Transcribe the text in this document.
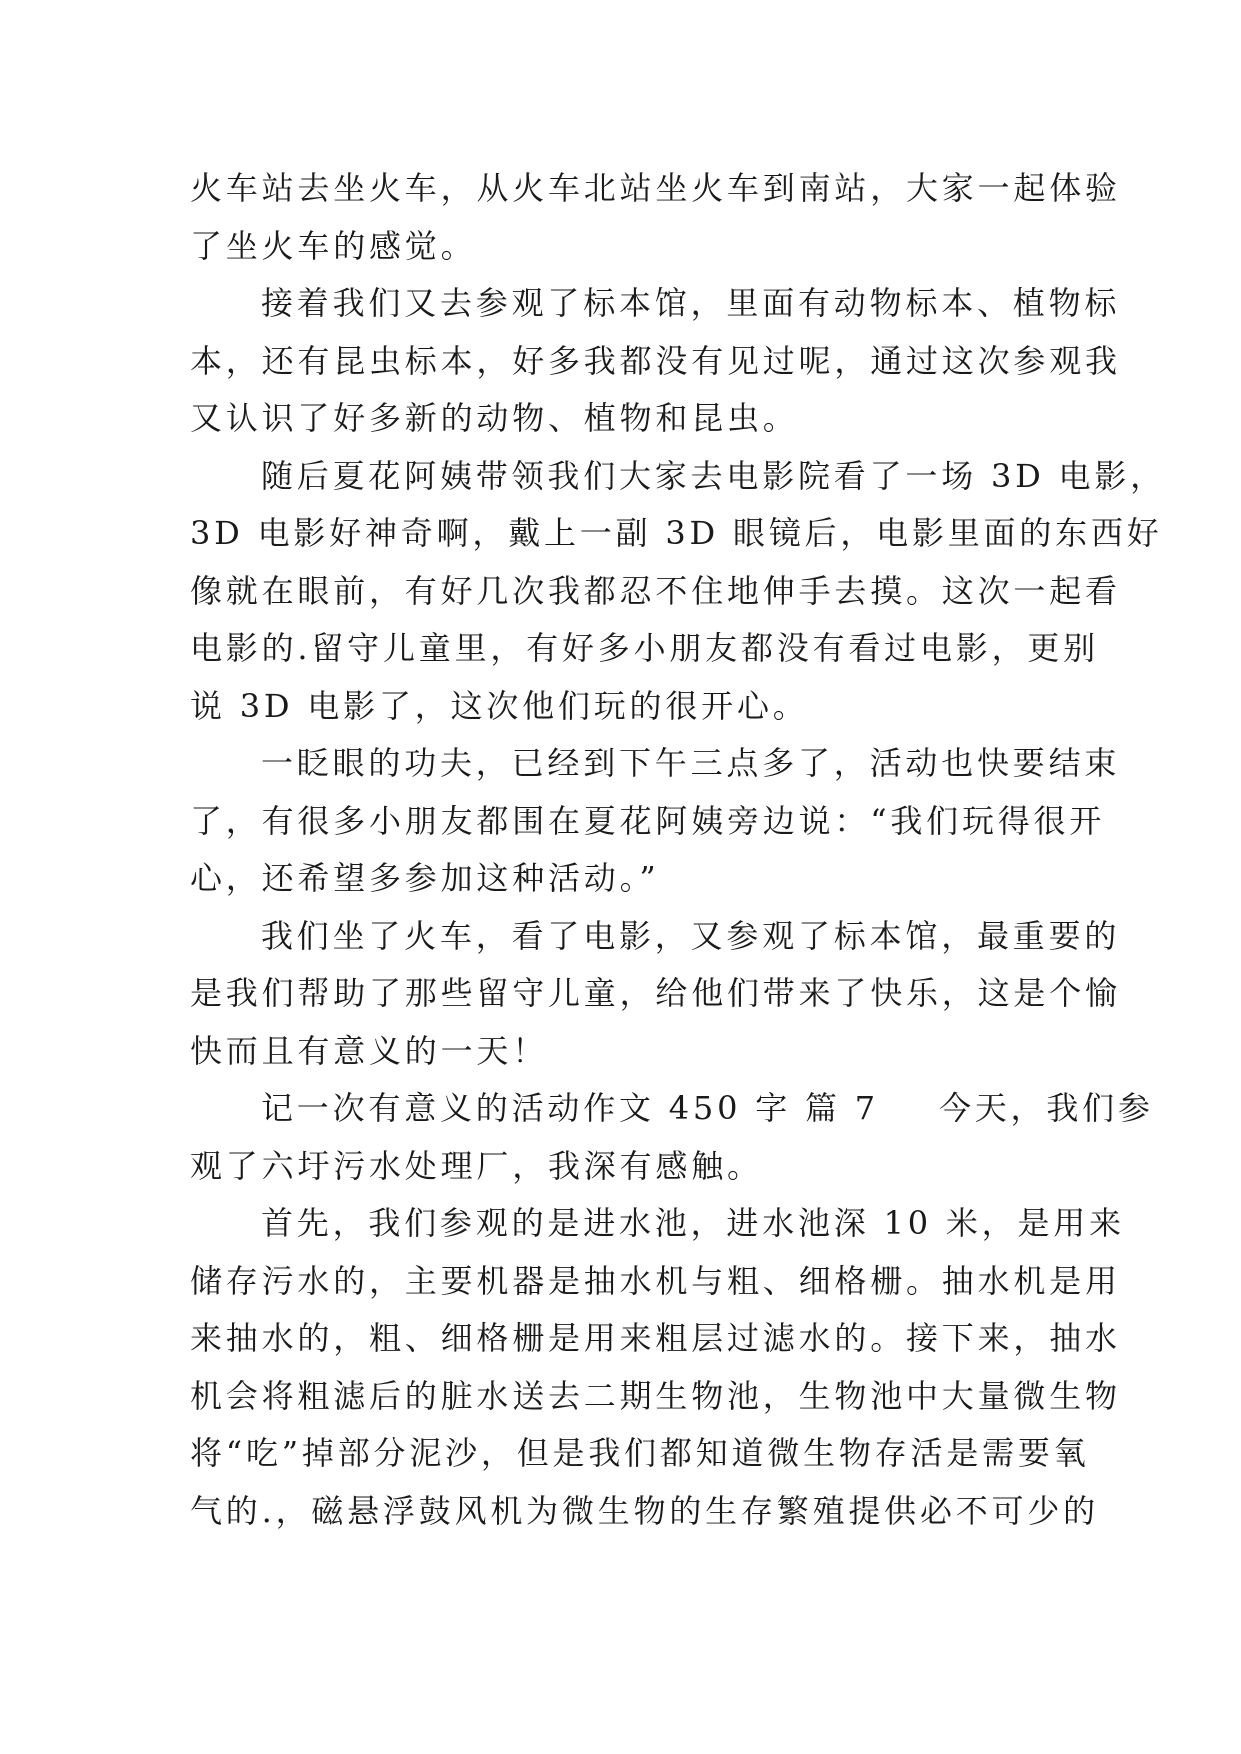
火车站去坐火车，从火车北站坐火车到南站，大家一起体验
了坐火车的感觉。
接着我们又去参观了标本馆，里面有动物标本、植物标
本，还有昆虫标本，好多我都没有见过呢，通过这次参观我
又认识了好多新的动物、植物和昆虫。
随后夏花阿姨带领我们大家去电影院看了一场 3D 电影，
3D 电影好神奇啊，戴上一副 3D 眼镜后，电影里面的东西好
像就在眼前，有好几次我都忍不住地伸手去摸。这次一起看
电影的.留守儿童里，有好多小朋友都没有看过电影，更别
说 3D 电影了，这次他们玩的很开心。
一眨眼的功夫，已经到下午三点多了，活动也快要结束
了，有很多小朋友都围在夏花阿姨旁边说：“我们玩得很开
心，还希望多参加这种活动。”
我们坐了火车，看了电影，又参观了标本馆，最重要的
是我们帮助了那些留守儿童，给他们带来了快乐，这是个愉
快而且有意义的一天！
记一次有意义的活动作文 450 字 篇 7 今天，我们参
观了六圩污水处理厂，我深有感触。
首先，我们参观的是进水池，进水池深 10 米，是用来
储存污水的，主要机器是抽水机与粗、细格栅。抽水机是用
来抽水的，粗、细格栅是用来粗层过滤水的。接下来，抽水
机会将粗滤后的脏水送去二期生物池，生物池中大量微生物
将“吃”掉部分泥沙，但是我们都知道微生物存活是需要氧
气的.，磁悬浮鼓风机为微生物的生存繁殖提供必不可少的
